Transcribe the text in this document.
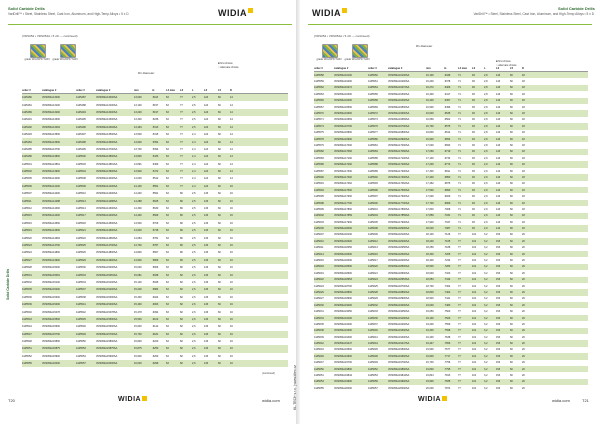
Solid Carbide Drills
VariDrill™ • Steel, Stainless Steel, Cast Iron, Aluminum, and High-Temp Alloys • 5 x D	WIDIA
(VDS054 • VDS054A • 5 xD — continued)
grade WU20PD TiAlN	grade WU20PD TiAlN
D1 diameter
■ first choice
○ alternate choice
order #	catalogue #	order #	catalogue #	mm	in	L4 max	L3	L	L3	L5	D
4145480	VDS054A13000	4145487	VDS054A13000SA	13,000	.5118	63	77	2,5	124	60	14
4145481	VDS054A13100	4145488	VDS054A13100SA	13,100	.5157	63	77	2,5	124	60	14
4145489	VDS054A13200	4145494	VDS054A13200SA	13,200	.5197	63	77	2,5	124	60	14
4145491	VDS054A13300	4145495	VDS054A13300SA	13,300	.5236	63	77	2,5	124	60	14
4145492	VDS054A13494	4145496	VDS054A13494SA	13,494	.5313	63	77	2,5	124	60	14
4145493	VDS054A13500	4145497	VDS054A13500SA	13,500	.5315	63	77	2,4	124	60	14
4145484	VDS054A13600	4145498	VDS054A13600SA	13,600	.5354	63	77	2,4	124	60	14
4145485	VDS054A13700	4145499	VDS054A13700SA	13,700	.5394	63	77	2,4	124	60	14
4145486	VDS054A13800	4145500	VDS054A13800SA	13,800	.5433	63	77	2,4	124	60	14
4145501	VDS054A13891	4145503	VDS054A13891SA	13,891	.5469	63	77	2,4	124	60	14
4145502	VDS054A13900	4145504	VDS054A13900SA	13,900	.5472	63	77	2,4	124	60	14
4145505	VDS054A14000	4145508	VDS054A14000SA	14,000	.5512	63	77	2,4	124	60	14
4145506	VDS054A14100	4145509	VDS054A14100SA	14,100	.5551	63	77	2,4	124	60	16
4145507	VDS054A14200	4145510	VDS054A14200SA	14,200	.5591	63	80	2,5	133	60	16
4145511	VDS054A14288	4145513	VDS054A14288SA	14,288	.5625	63	80	2,5	133	60	16
4145512	VDS054A14300	4145514	VDS054A14300SA	14,300	.5630	63	80	2,5	133	60	16
4145515	VDS054A14400	4145517	VDS054A14400SA	14,400	.5669	63	80	2,5	133	60	16
4145516	VDS054A14500	4145518	VDS054A14500SA	14,500	.5709	63	80	2,5	133	60	16
4145519	VDS054A14600	4145521	VDS054A14600SA	14,600	.5748	63	80	2,5	133	60	16
4145520	VDS054A14684	4145522	VDS054A14684SA	14,684	.5781	63	80	2,5	133	60	16
4145523	VDS054A14700	4145525	VDS054A14700SA	14,700	.5787	63	80	2,5	133	60	16
4145524	VDS054A14800	4145526	VDS054A14800SA	14,800	.5827	63	80	2,5	133	60	16
4145527	VDS054A14900	4145529	VDS054A14900SA	14,900	.5866	63	80	2,5	133	60	16
4145528	VDS054A15000	4145530	VDS054A15000SA	15,000	.5906	63	80	2,5	133	60	16
4145531	VDS054A15081	4145533	VDS054A15081SA	15,081	.5938	63	82	2,6	133	60	16
4145532	VDS054A15100	4145534	VDS054A15100SA	15,100	.5945	63	82	2,6	133	60	16
4145535	VDS054A15200	4145537	VDS054A15200SA	15,200	.5984	63	82	2,6	133	60	16
4145536	VDS054A15300	4145538	VDS054A15300SA	15,300	.6024	63	82	2,6	133	60	16
4145539	VDS054A15400	4145541	VDS054A15400SA	15,400	.6063	63	82	2,6	133	60	16
4145540	VDS054A15478	4145542	VDS054A15478SA	15,478	.6094	63	82	2,6	133	60	16
4145543	VDS054A15500	4145545	VDS054A15500SA	15,500	.6102	63	82	2,6	133	60	16
4145544	VDS054A15600	4145546	VDS054A15600SA	15,600	.6142	63	82	2,6	133	60	16
4145547	VDS054A15700	4145549	VDS054A15700SA	15,700	.6181	63	82	2,6	133	60	16
4145548	VDS054A15800	4145550	VDS054A15800SA	15,800	.6220	63	82	2,6	133	60	16
4145551	VDS054A15875	4145553	VDS054A15875SA	15,875	.6250	63	82	2,6	133	60	16
4145552	VDS054A15900	4145554	VDS054A15900SA	15,900	.6260	63	82	2,6	133	60	16
4145555	VDS054A16000	4145557	VDS054A16000SA	16,000	.6299	63	82	2,6	133	60	16
(continued)
Solid Carbide Drills
T20	WIDIA	widia.com	KL-TECH s.r.o. | www.kltec.cz
Solid Carbide Drills
VariDrill™ • Steel, Stainless Steel, Cast Iron, Aluminum, and High-Temp Alloys • 5 x D
WIDIA
(VDS054 • VDS054A • 5 xD — continued)
grade WU20PD TiAlN	grade WU20PD TiAlN
D1 diameter
■ first choice
○ alternate choice
order #	catalogue #	order #	catalogue #	mm	in	L4 max	L3	L	L3	L5	D
4145558	VDS054A16100	4145560	VDS054A16100SA	16,100	.6339	71	93	2,8	143	60	18
4145559	VDS054A16200	4145561	VDS054A16200SA	16,200	.6378	71	93	2,8	143	60	18
4145562	VDS054A16272	4145564	VDS054A16272SA	16,272	.6406	71	93	2,8	143	60	18
4145563	VDS054A16300	4145565	VDS054A16300SA	16,300	.6417	71	93	2,8	143	60	18
4145566	VDS054A16400	4145568	VDS054A16400SA	16,400	.6457	71	93	2,8	143	60	18
4145567	VDS054A16500	4145569	VDS054A16500SA	16,500	.6496	71	93	2,8	143	60	18
4145570	VDS054A16600	4145572	VDS054A16600SA	16,600	.6535	71	93	2,8	143	60	18
4145571	VDS054A16669	4145573	VDS054A16669SA	16,669	.6562	71	93	2,8	143	60	18
4145574	VDS054A16700	4145576	VDS054A16700SA	16,700	.6575	71	93	2,8	143	60	18
4145575	VDS054A16800	4145577	VDS054A16800SA	16,800	.6614	71	93	2,8	143	60	18
4145578	VDS054A16900	4145580	VDS054A16900SA	16,900	.6654	71	93	2,8	143	60	18
4145579	VDS054A17000	4145581	VDS054A17000SA	17,000	.6693	71	93	2,8	143	60	18
4145582	VDS054A17066	4145584	VDS054A17066SA	17,066	.6719	71	93	2,9	143	60	18
4145583	VDS054A17100	4145585	VDS054A17100SA	17,100	.6732	71	93	2,9	143	60	18
4145586	VDS054A17200	4145588	VDS054A17200SA	17,200	.6772	71	93	2,9	143	60	18
4145587	VDS054A17300	4145589	VDS054A17300SA	17,300	.6811	71	93	2,9	143	60	18
4145590	VDS054A17400	4145592	VDS054A17400SA	17,400	.6850	71	93	2,9	143	60	18
4145591	VDS054A17462	4145593	VDS054A17462SA	17,462	.6875	71	93	2,9	143	60	18
4145594	VDS054A17500	4145596	VDS054A17500SA	17,500	.6890	71	93	2,9	143	60	18
4145595	VDS054A17600	4145597	VDS054A17600SA	17,600	.6929	71	93	2,9	143	60	18
4145598	VDS054A17700	4145600	VDS054A17700SA	17,700	.6969	71	93	2,9	143	60	18
4145599	VDS054A17800	4145601	VDS054A17800SA	17,800	.7008	71	93	2,9	143	60	18
4145602	VDS054A17859	4145604	VDS054A17859SA	17,859	.7031	71	93	2,9	143	60	18
4145603	VDS054A17900	4145605	VDS054A17900SA	17,900	.7047	71	93	2,9	143	60	18
4145606	VDS054A18000	4145608	VDS054A18000SA	18,000	.7087	71	93	2,9	143	60	18
4145607	VDS054A18100	4145609	VDS054A18100SA	18,100	.7126	77	101	3,2	153	60	20
4145610	VDS054A18200	4145612	VDS054A18200SA	18,200	.7165	77	101	3,2	153	60	20
4145611	VDS054A18256	4145613	VDS054A18256SA	18,256	.7188	77	101	3,2	153	60	20
4145614	VDS054A18300	4145616	VDS054A18300SA	18,300	.7205	77	101	3,2	153	60	20
4145615	VDS054A18400	4145617	VDS054A18400SA	18,400	.7244	77	101	3,2	153	60	20
4145618	VDS054A18500	4145620	VDS054A18500SA	18,500	.7283	77	101	3,2	153	60	20
4145619	VDS054A18600	4145621	VDS054A18600SA	18,600	.7323	77	101	3,2	153	60	20
4145622	VDS054A18653	4145624	VDS054A18653SA	18,653	.7344	77	101	3,2	153	60	20
4145623	VDS054A18700	4145625	VDS054A18700SA	18,700	.7362	77	101	3,2	153	60	20
4145626	VDS054A18800	4145628	VDS054A18800SA	18,800	.7402	77	101	3,2	153	60	20
4145627	VDS054A18900	4145629	VDS054A18900SA	18,900	.7441	77	101	3,2	153	60	20
4145630	VDS054A19000	4145632	VDS054A19000SA	19,000	.7480	77	101	3,2	153	60	20
4145631	VDS054A19050	4145633	VDS054A19050SA	19,050	.7500	77	101	3,2	153	60	20
4145634	VDS054A19100	4145636	VDS054A19100SA	19,100	.7520	77	101	3,2	153	60	20
4145635	VDS054A19200	4145637	VDS054A19200SA	19,200	.7559	77	101	3,2	153	60	20
4145638	VDS054A19300	4145640	VDS054A19300SA	19,300	.7598	77	101	3,2	153	60	20
4145639	VDS054A19400	4145641	VDS054A19400SA	19,400	.7638	77	101	3,2	153	60	20
4145642	VDS054A19447	4145644	VDS054A19447SA	19,447	.7656	77	101	3,2	153	60	20
4145643	VDS054A19500	4145645	VDS054A19500SA	19,500	.7677	77	101	3,2	153	60	20
4145646	VDS054A19600	4145648	VDS054A19600SA	19,600	.7717	77	101	3,2	153	60	20
4145647	VDS054A19700	4145649	VDS054A19700SA	19,700	.7756	77	101	3,2	153	60	20
4145650	VDS054A19800	4145652	VDS054A19800SA	19,800	.7795	77	101	3,2	153	60	20
4145651	VDS054A19844	4145653	VDS054A19844SA	19,844	.7813	77	101	3,2	153	60	20
4145654	VDS054A19900	4145656	VDS054A19900SA	19,900	.7835	77	101	3,2	153	60	20
4145655	VDS054A20000	4145657	VDS054A20000SA	20,000	.7874	77	101	3,2	153	60	20
WIDIA	widia.com	T21
